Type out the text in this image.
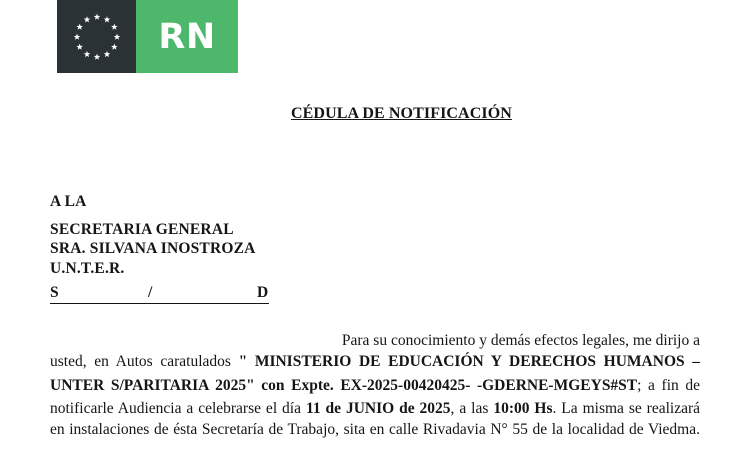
RN
CÉDULA DE NOTIFICACIÓN
A LA
SECRETARIA GENERAL
SRA. SILVANA INOSTROZA
U.N.T.E.R.
S	/	D
Para su conocimiento y demás efectos legales, me dirijo a
usted, en Autos caratulados " MINISTERIO DE EDUCACIÓN Y DERECHOS HUMANOS –
UNTER S/PARITARIA 2025" con Expte. EX-2025-00420425- -GDERNE-MGEYS#ST; a fin de
notificarle Audiencia a celebrarse el día 11 de JUNIO de 2025, a las 10:00 Hs. La misma se realizará
en instalaciones de ésta Secretaría de Trabajo, sita en calle Rivadavia N° 55 de la localidad de Viedma.
